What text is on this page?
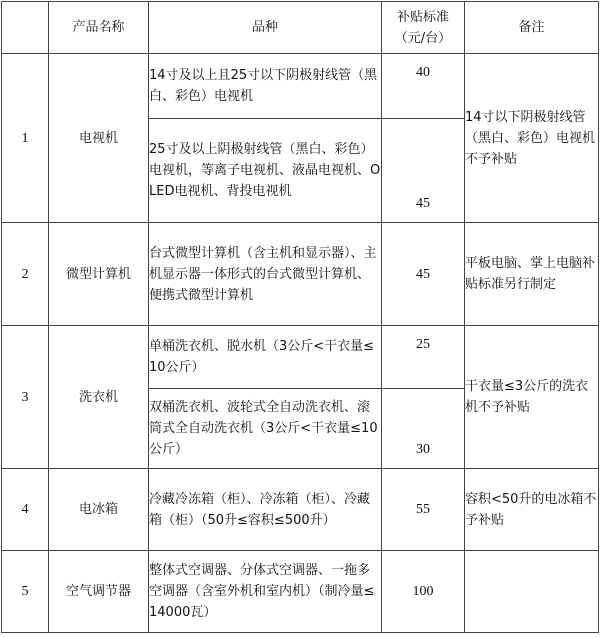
	产品名称	品种	补贴标准（元/台）	备注
1	电视机	14寸及以上且25寸以下阴极射线管（黑白、彩色）电视机	40	14寸以下阴极射线管（黑白、彩色）电视机不予补贴
		25寸及以上阴极射线管（黑白、彩色）电视机，等离子电视机、液晶电视机、OLED电视机、背投电视机	45	
2	微型计算机	台式微型计算机（含主机和显示器）、主机显示器一体形式的台式微型计算机、便携式微型计算机	45	平板电脑、掌上电脑补贴标准另行制定
3	洗衣机	单桶洗衣机、脱水机（3公斤<干衣量≤10公斤）	25	干衣量≤3公斤的洗衣机不予补贴
		双桶洗衣机、波轮式全自动洗衣机、滚筒式全自动洗衣机（3公斤<干衣量≤10公斤）	30	
4	电冰箱	冷藏冷冻箱（柜）、冷冻箱（柜）、冷藏箱（柜）（50升≤容积≤500升）	55	容积<50升的电冰箱不予补贴
5	空气调节器	整体式空调器、分体式空调器、一拖多空调器（含室外机和室内机）（制冷量≤14000瓦）	100	
